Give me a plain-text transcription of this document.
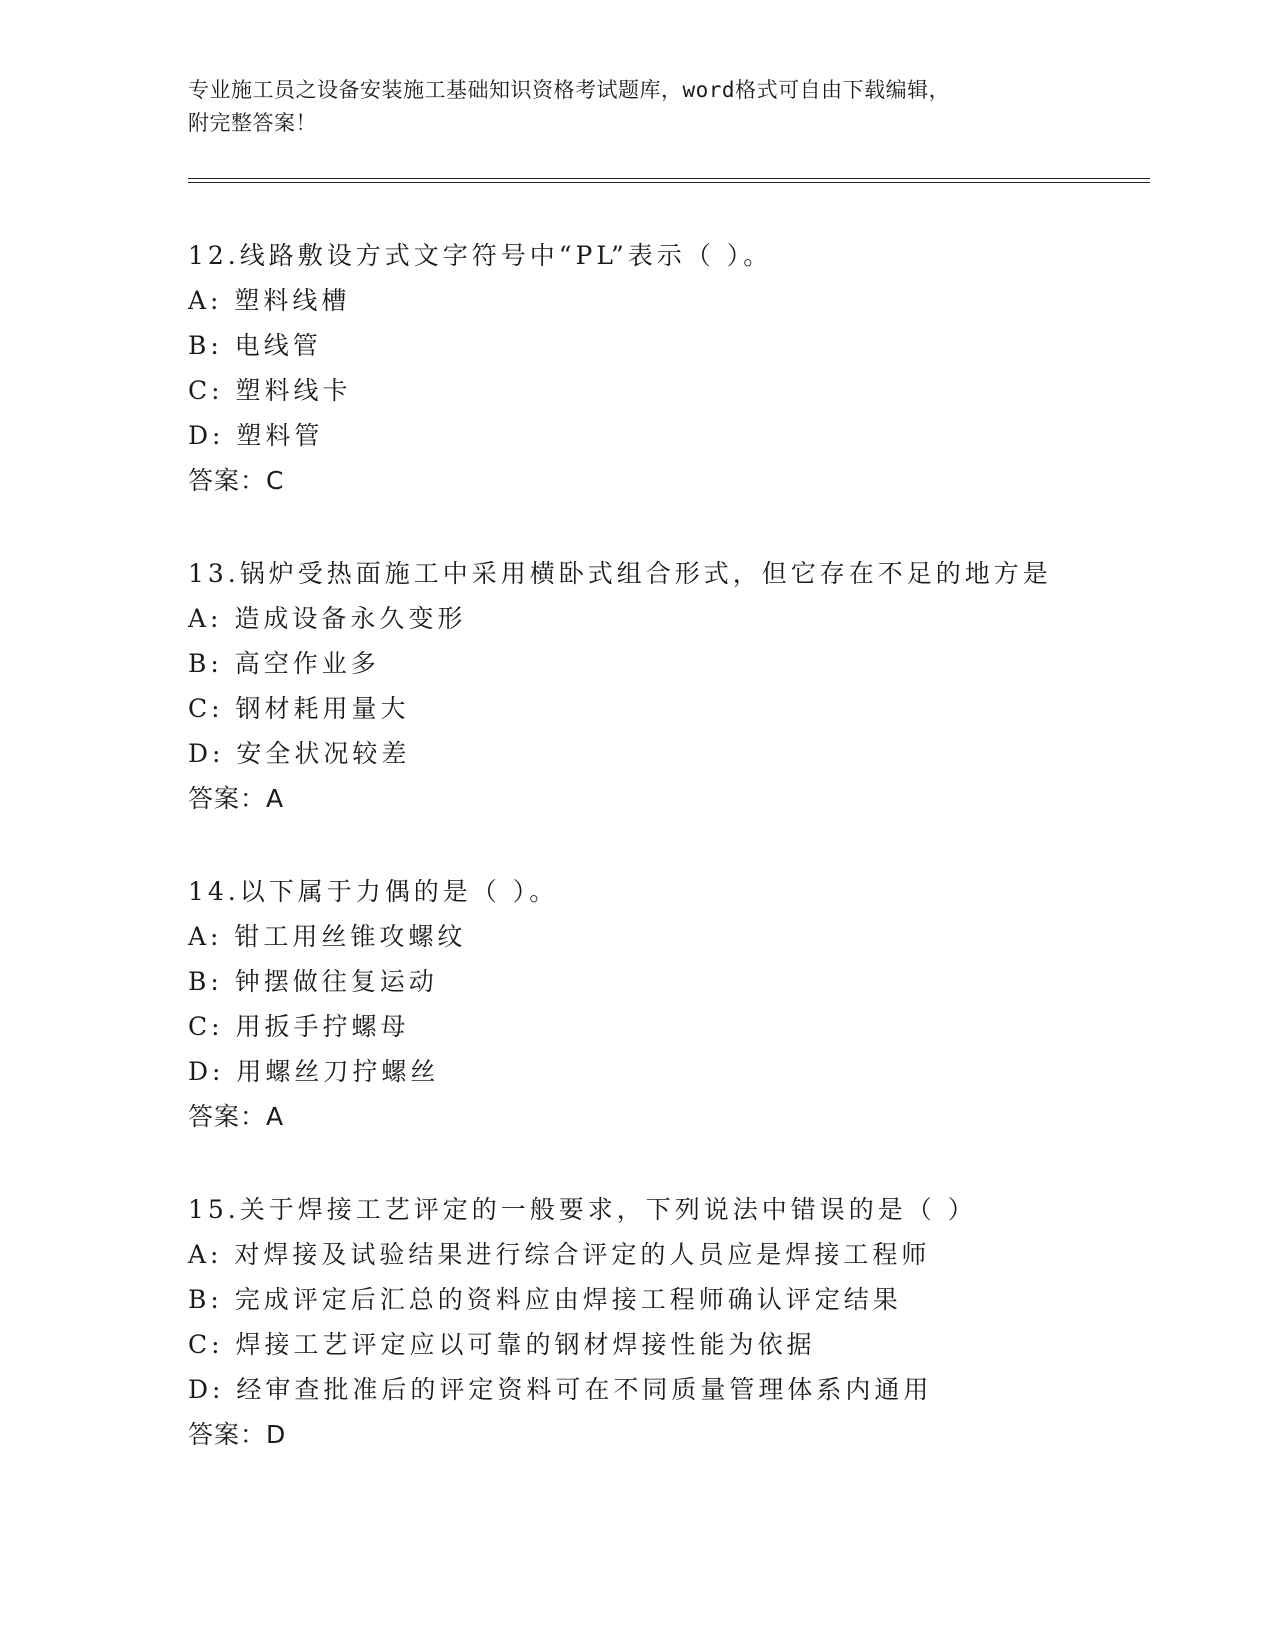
专业施工员之设备安装施工基础知识资格考试题库，word格式可自由下载编辑，
附完整答案！
12.线路敷设方式文字符号中“PL”表示（ ）。
A: 塑料线槽
B: 电线管
C: 塑料线卡
D: 塑料管
答案：C
13.锅炉受热面施工中采用横卧式组合形式，但它存在不足的地方是
A: 造成设备永久变形
B: 高空作业多
C: 钢材耗用量大
D: 安全状况较差
答案：A
14.以下属于力偶的是（ ）。
A: 钳工用丝锥攻螺纹
B: 钟摆做往复运动
C: 用扳手拧螺母
D: 用螺丝刀拧螺丝
答案：A
15.关于焊接工艺评定的一般要求，下列说法中错误的是（ ）
A: 对焊接及试验结果进行综合评定的人员应是焊接工程师
B: 完成评定后汇总的资料应由焊接工程师确认评定结果
C: 焊接工艺评定应以可靠的钢材焊接性能为依据
D: 经审查批准后的评定资料可在不同质量管理体系内通用
答案：D
